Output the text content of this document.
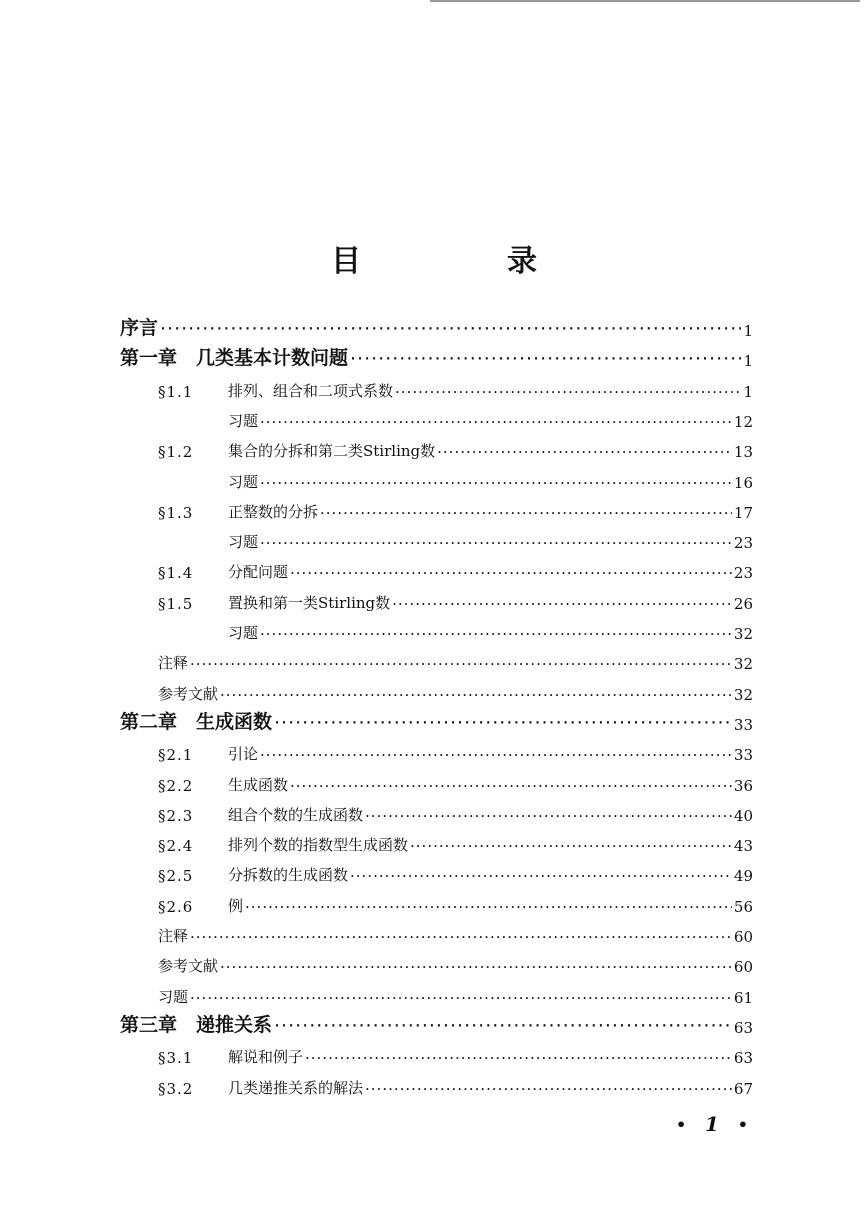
目　录
序言 ·····	1
第一章　几类基本计数问题 ·····	1
§1.1	排列、组合和二项式系数 ·····	1
习题 ·····	12
§1.2	集合的分拆和第二类Stirling数 ·····	13
习题 ·····	16
§1.3	正整数的分拆 ·····	17
习题 ·····	23
§1.4	分配问题 ·····	23
§1.5	置换和第一类Stirling数 ·····	26
习题 ·····	32
注释 ·····	32
参考文献 ·····	32
第二章　生成函数 ·····	33
§2.1	引论 ·····	33
§2.2	生成函数 ·····	36
§2.3	组合个数的生成函数 ·····	40
§2.4	排列个数的指数型生成函数 ·····	43
§2.5	分拆数的生成函数 ·····	49
§2.6	例 ·····	56
注释 ·····	60
参考文献 ·····	60
习题 ·····	61
第三章　递推关系 ·····	63
§3.1	解说和例子 ·····	63
§3.2	几类递推关系的解法 ·····	67
• 1 •
